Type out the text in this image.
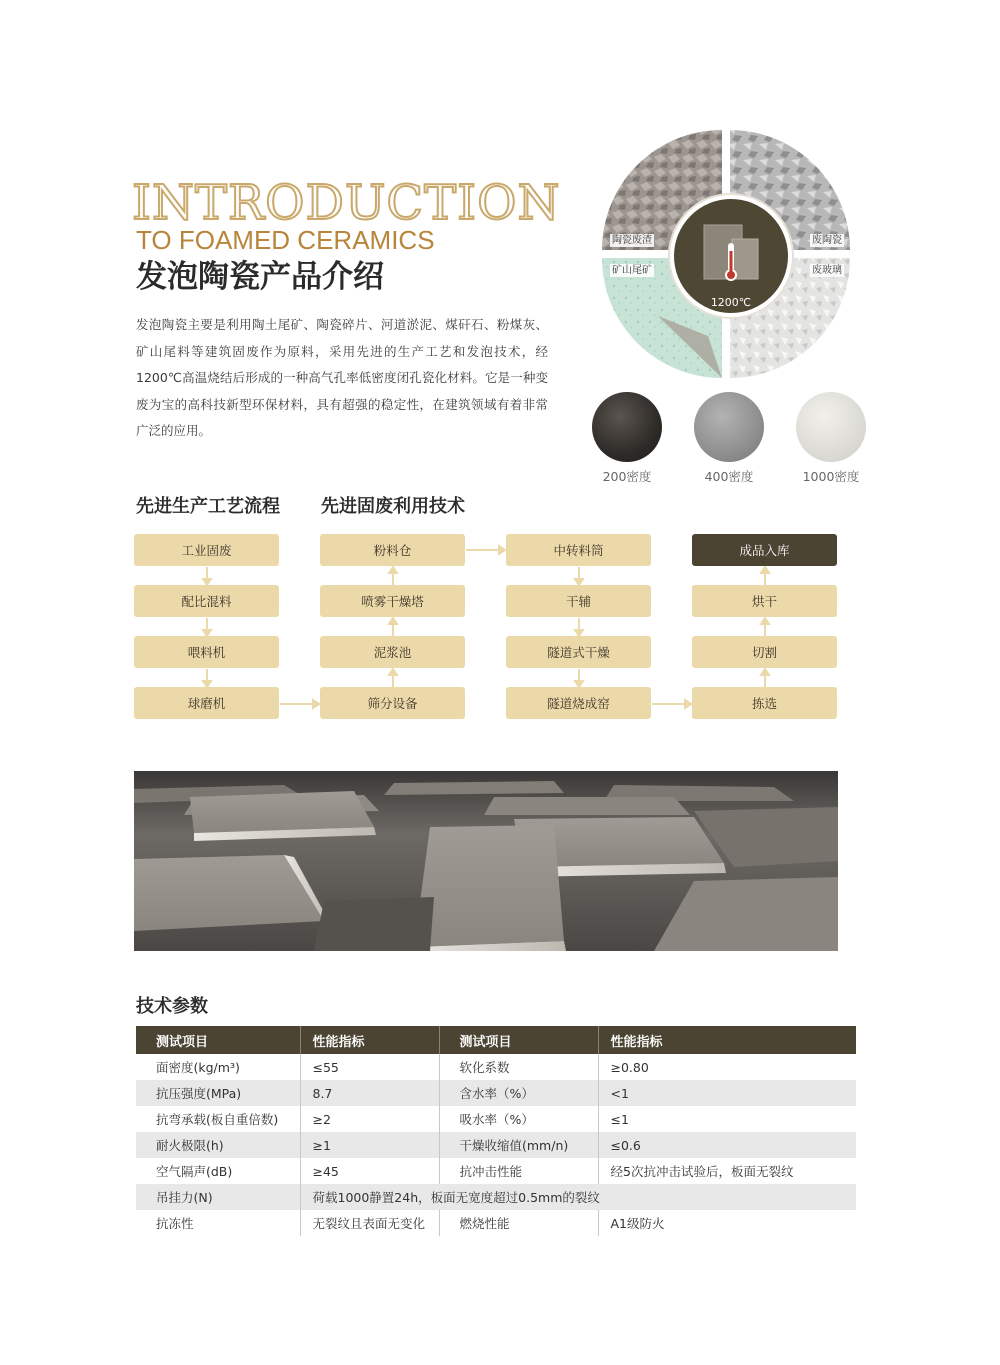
INTRODUCTION
TO FOAMED CERAMICS
发泡陶瓷产品介绍

发泡陶瓷主要是利用陶土尾矿、陶瓷碎片、河道淤泥、煤矸石、粉煤灰、矿山尾料等建筑固废作为原料，采用先进的生产工艺和发泡技术，经1200℃高温烧结后形成的一种高气孔率低密度闭孔瓷化材料。它是一种变废为宝的高科技新型环保材料，具有超强的稳定性，在建筑领域有着非常广泛的应用。

1200℃
陶瓷废渣	废陶瓷
矿山尾矿	废玻璃
200密度	400密度	1000密度
先进生产工艺流程 先进固废利用技术
工业固废
配比混料
喂料机
球磨机
粉料仓
喷雾干燥塔
泥浆池
筛分设备
中转料筒
干辅
隧道式干燥
隧道烧成窑
成品入库
烘干
切割
拣选
技术参数
测试项目	性能指标	测试项目	性能指标
面密度(kg/m³)	≤55	软化系数	≥0.80
抗压强度(MPa)	8.7	含水率（%）	<1
抗弯承载(板自重倍数)	≥2	吸水率（%）	≤1
耐火极限(h)	≥1	干燥收缩值(mm/n)	≤0.6
空气隔声(dB)	≥45	抗冲击性能	经5次抗冲击试验后，板面无裂纹
吊挂力(N)	荷载1000静置24h，板面无宽度超过0.5mm的裂纹		
抗冻性	无裂纹且表面无变化	燃烧性能	A1级防火
